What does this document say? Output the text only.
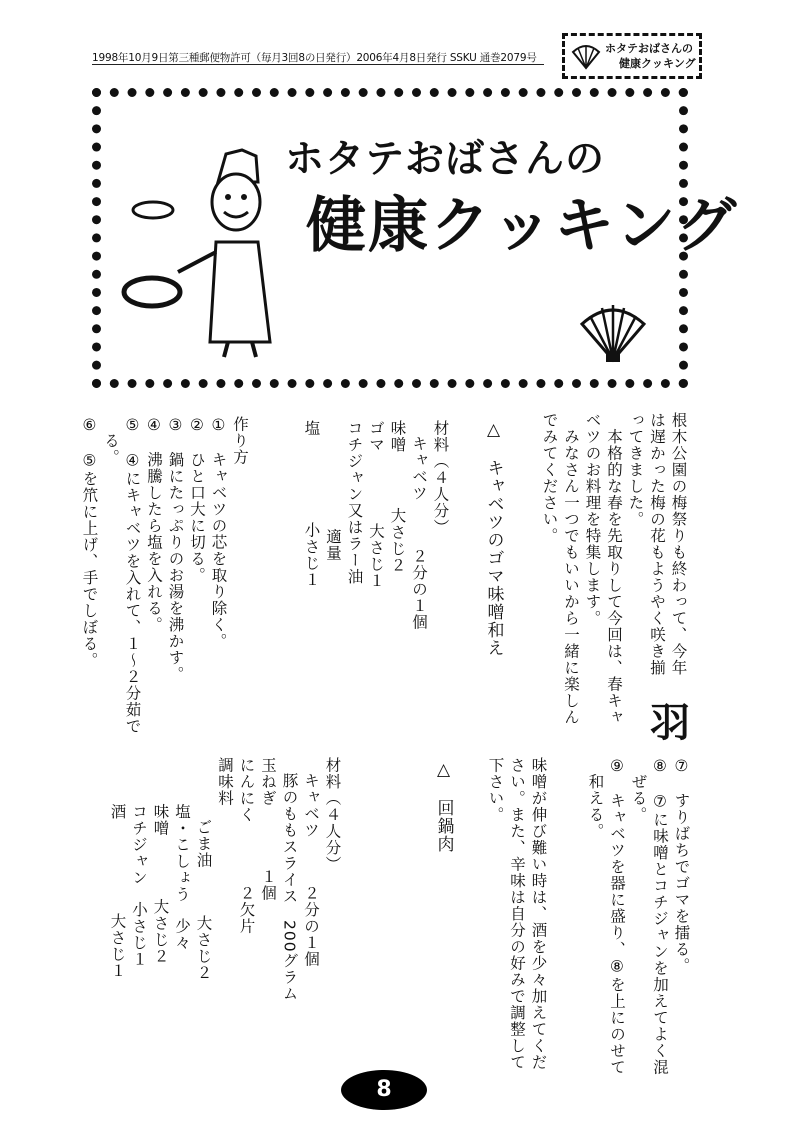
1998年10月9日第三種郵便物許可（毎月3回8の日発行）2006年4月8日発行 SSKU 通巻2079号
ホタテおばさんの
健康クッキング
ホタテおばさんの
健康クッキング
羽

根木公園の梅祭りも終わって、今年

は遅かった梅の花もようやく咲き揃

ってきました。

　本格的な春を先取りして今回は、春キャ

ベツのお料理を特集します。

　みなさん一つでもいいから一緒に楽しん

でみてください。

△　キャベツのゴマ味噌和え

材料（４人分）

キャベツ２分の１個

味噌大さじ２

ゴマ大さじ１

コチジャン又はラー油

適量

塩小さじ１

作り方

①　キャベツの芯を取り除く。

②　ひと口大に切る。

③　鍋にたっぷりのお湯を沸かす。

④　沸騰したら塩を入れる。

⑤　④にキャベツを入れて、１〜２分茹で

　る。

⑥　⑤を笊に上げ、手でしぼる。

⑦　すりばちでゴマを擂る。

⑧　⑦に味噌とコチジャンを加えてよく混

　ぜる。

⑨　キャベツを器に盛り、⑧を上にのせて

　和える。

味噌が伸び難い時は、酒を少々加えてくだ

さい。また、辛味は自分の好みで調整して

下さい。

△　回鍋肉

材料（４人分）

キャベツ２分の１個

豚のももスライス200グラム

玉ねぎ１個

にんにく２欠片

調味料

ごま油大さじ２

塩・こしょう少々

味噌大さじ２

コチジャン小さじ１

酒大さじ１

8
